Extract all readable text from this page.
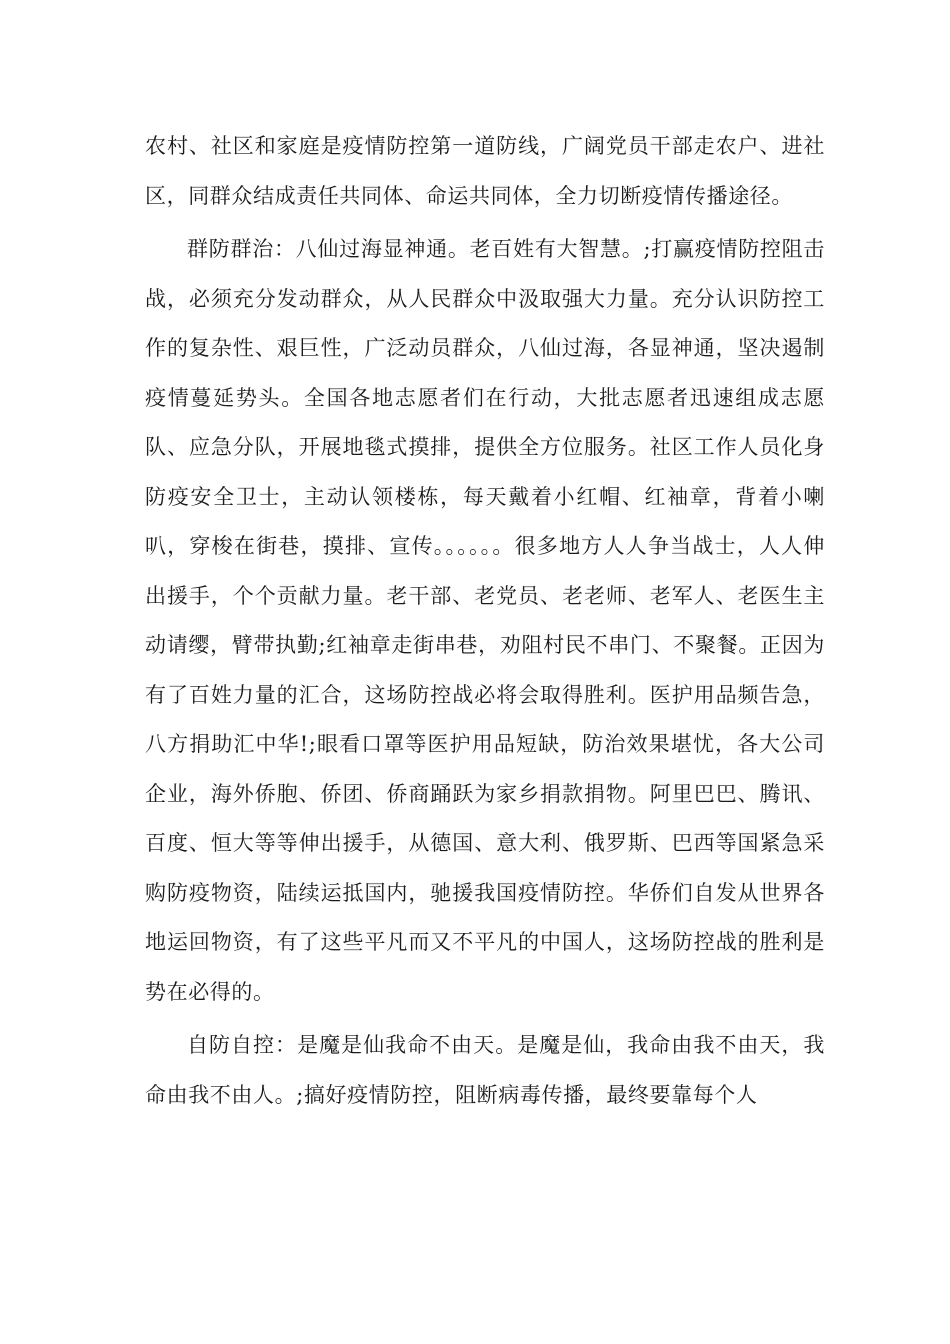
农村、社区和家庭是疫情防控第一道防线，广阔党员干部走农户、进社区，同群众结成责任共同体、命运共同体，全力切断疫情传播途径。

群防群治：八仙过海显神通。老百姓有大智慧。;打赢疫情防控阻击战，必须充分发动群众，从人民群众中汲取强大力量。充分认识防控工作的复杂性、艰巨性，广泛动员群众，八仙过海，各显神通，坚决遏制疫情蔓延势头。全国各地志愿者们在行动，大批志愿者迅速组成志愿队、应急分队，开展地毯式摸排，提供全方位服务。社区工作人员化身防疫安全卫士，主动认领楼栋，每天戴着小红帽、红袖章，背着小喇叭，穿梭在街巷，摸排、宣传。。。。。。很多地方人人争当战士，人人伸出援手，个个贡献力量。老干部、老党员、老老师、老军人、老医生主动请缨，臂带执勤;红袖章走街串巷，劝阻村民不串门、不聚餐。正因为有了百姓力量的汇合，这场防控战必将会取得胜利。医护用品频告急，八方捐助汇中华!;眼看口罩等医护用品短缺，防治效果堪忧，各大公司企业，海外侨胞、侨团、侨商踊跃为家乡捐款捐物。阿里巴巴、腾讯、百度、恒大等等伸出援手，从德国、意大利、俄罗斯、巴西等国紧急采购防疫物资，陆续运抵国内，驰援我国疫情防控。华侨们自发从世界各地运回物资，有了这些平凡而又不平凡的中国人，这场防控战的胜利是势在必得的。

自防自控：是魔是仙我命不由天。是魔是仙，我命由我不由天，我命由我不由人。;搞好疫情防控，阻断病毒传播，最终要靠每个人
